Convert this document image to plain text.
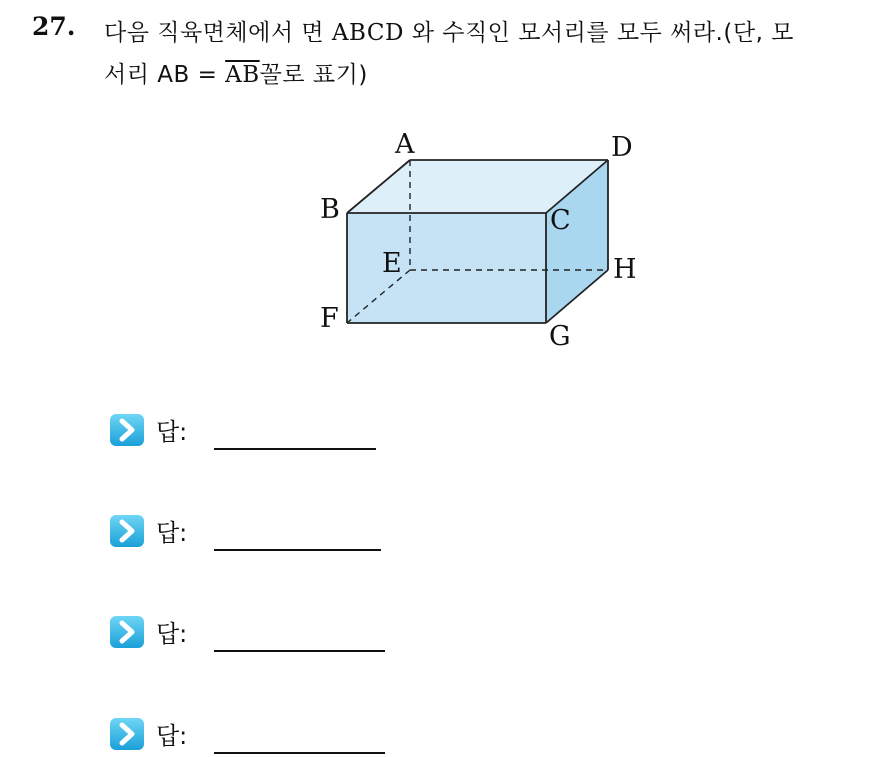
27. 다음 직육면체에서 면 ABCD 와 수직인 모서리를 모두 써라.(단, 모
서리 AB = $\overline{AB}$꼴로 표기)
A	D
B	C
E	H
F
G
답:
답:
답:
답:
